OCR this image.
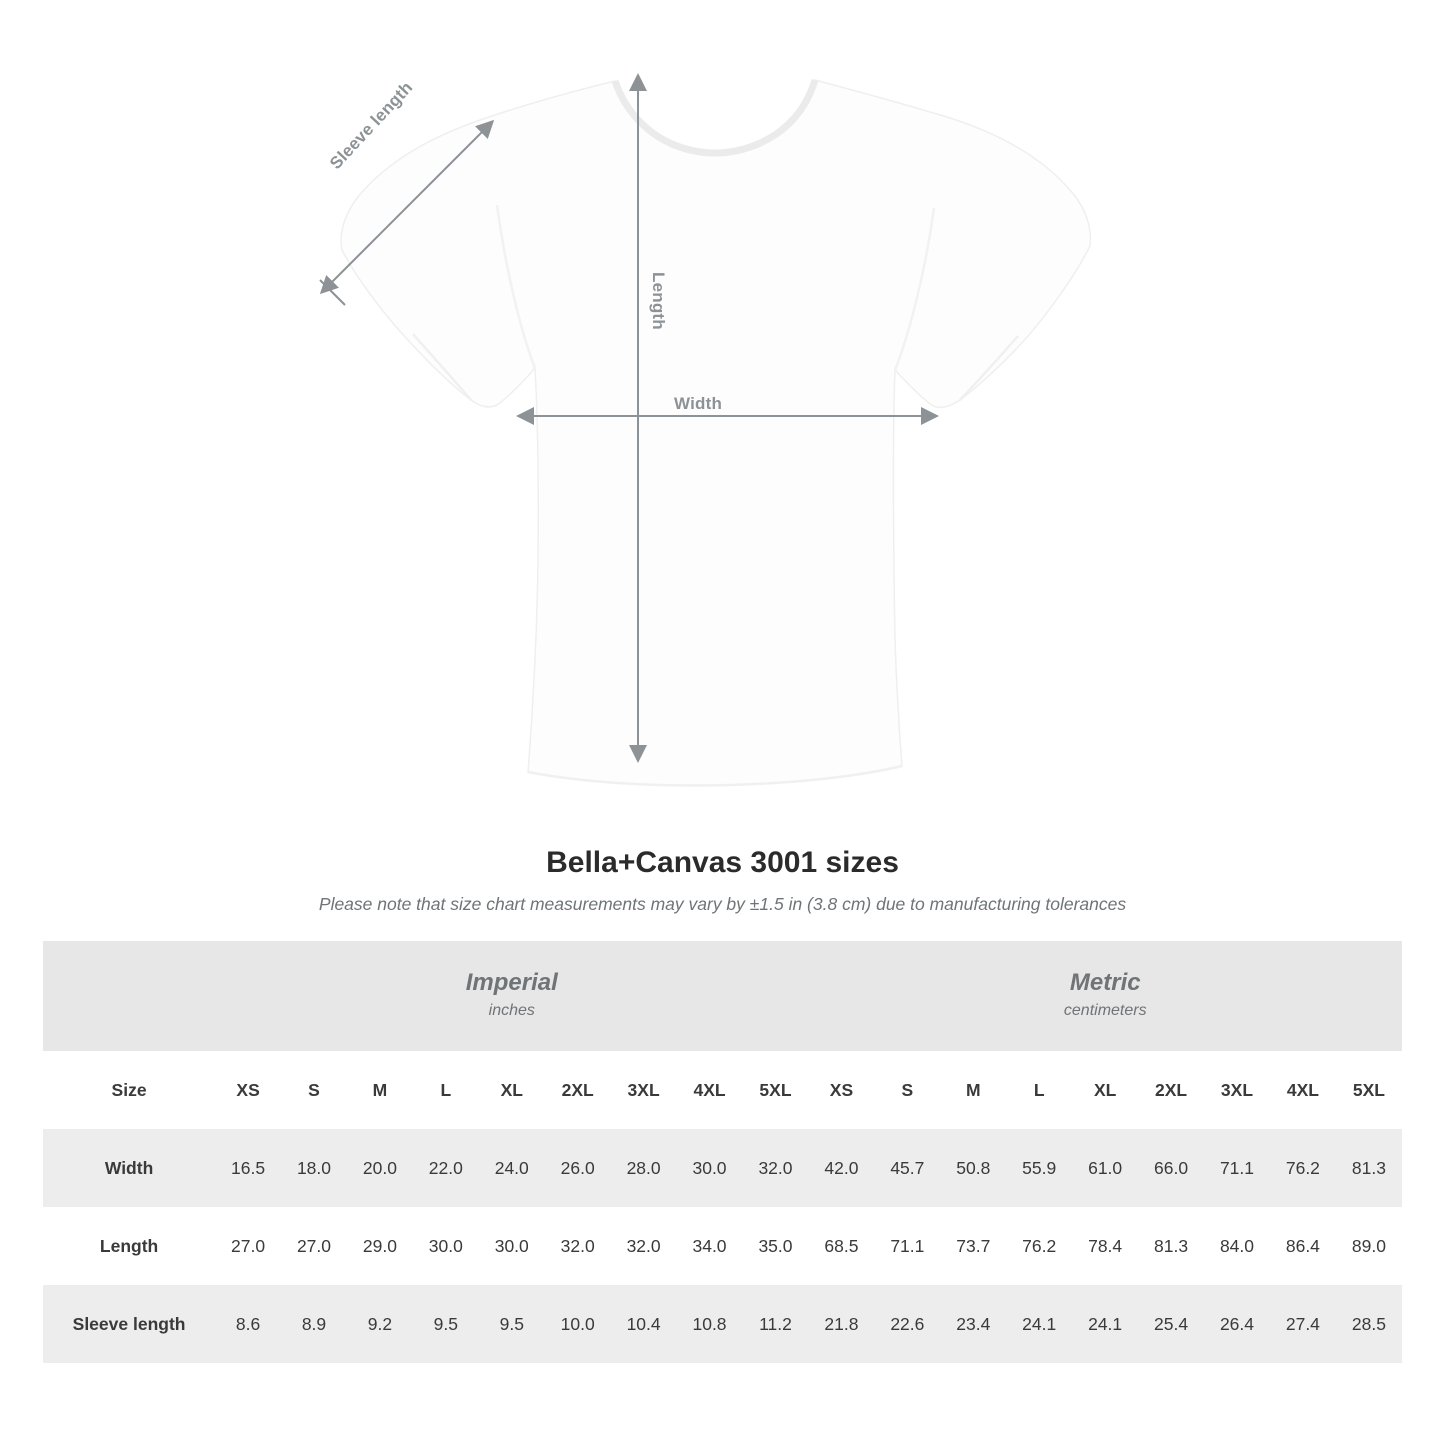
Sleeve length
Length
Width
Bella+Canvas 3001 sizes

Please note that size chart measurements may vary by ±1.5 in (3.8 cm) due to manufacturing tolerances

Imperial
inches

Metric
centimeters

Size	XS	S	M	L	XL	2XL	3XL	4XL	5XL	XS	S	M	L	XL	2XL	3XL	4XL	5XL
Width	16.5	18.0	20.0	22.0	24.0	26.0	28.0	30.0	32.0	42.0	45.7	50.8	55.9	61.0	66.0	71.1	76.2	81.3
Length	27.0	27.0	29.0	30.0	30.0	32.0	32.0	34.0	35.0	68.5	71.1	73.7	76.2	78.4	81.3	84.0	86.4	89.0
Sleeve length	8.6	8.9	9.2	9.5	9.5	10.0	10.4	10.8	11.2	21.8	22.6	23.4	24.1	24.1	25.4	26.4	27.4	28.5
